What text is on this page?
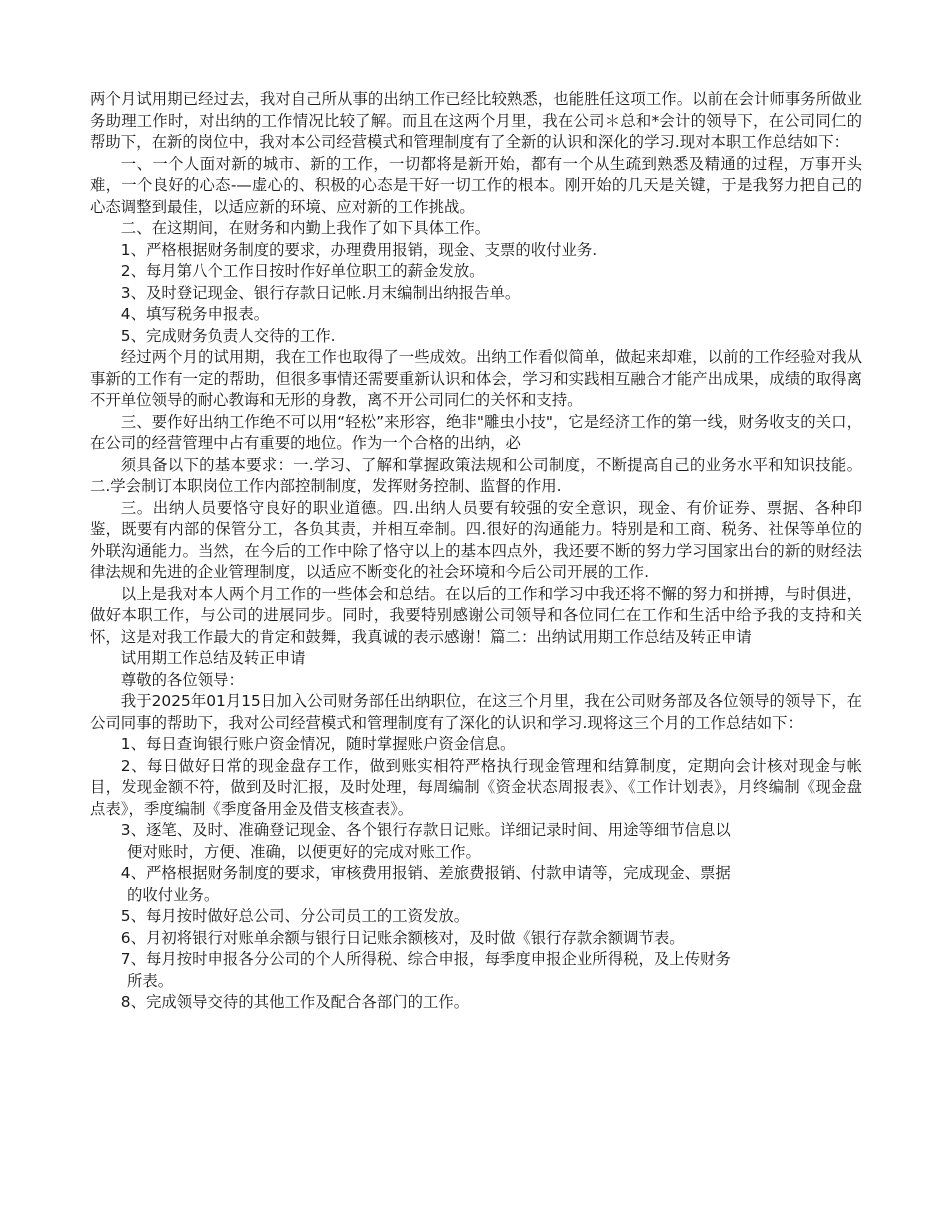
两个月试用期已经过去，我对自己所从事的出纳工作已经比较熟悉，也能胜任这项工作。以前在会计师事务所做业务助理工作时，对出纳的工作情况比较了解。而且在这两个月里，我在公司＊总和*会计的领导下，在公司同仁的帮助下，在新的岗位中，我对本公司经营模式和管理制度有了全新的认识和深化的学习.现对本职工作总结如下：

一、一个人面对新的城市、新的工作，一切都将是新开始，都有一个从生疏到熟悉及精通的过程，万事开头难，一个良好的心态-—虚心的、积极的心态是干好一切工作的根本。刚开始的几天是关键，于是我努力把自己的心态调整到最佳，以适应新的环境、应对新的工作挑战。

二、在这期间，在财务和内勤上我作了如下具体工作。

1、严格根据财务制度的要求，办理费用报销，现金、支票的收付业务.

2、每月第八个工作日按时作好单位职工的薪金发放。

3、及时登记现金、银行存款日记帐.月末编制出纳报告单。

4、填写税务申报表。

5、完成财务负责人交待的工作.

经过两个月的试用期，我在工作也取得了一些成效。出纳工作看似简单，做起来却难，以前的工作经验对我从事新的工作有一定的帮助，但很多事情还需要重新认识和体会，学习和实践相互融合才能产出成果，成绩的取得离不开单位领导的耐心教诲和无形的身教，离不开公司同仁的关怀和支持。

三、要作好出纳工作绝不可以用“轻松”来形容，绝非"雕虫小技"，它是经济工作的第一线，财务收支的关口，在公司的经营管理中占有重要的地位。作为一个合格的出纳，必

须具备以下的基本要求：一.学习、了解和掌握政策法规和公司制度，不断提高自己的业务水平和知识技能。二.学会制订本职岗位工作内部控制制度，发挥财务控制、监督的作用.

三。出纳人员要恪守良好的职业道德。四.出纳人员要有较强的安全意识，现金、有价证券、票据、各种印鉴，既要有内部的保管分工，各负其责，并相互牵制。四.很好的沟通能力。特别是和工商、税务、社保等单位的外联沟通能力。当然，在今后的工作中除了恪守以上的基本四点外，我还要不断的努力学习国家出台的新的财经法律法规和先进的企业管理制度，以适应不断变化的社会环境和今后公司开展的工作.

以上是我对本人两个月工作的一些体会和总结。在以后的工作和学习中我还将不懈的努力和拼搏，与时俱进，做好本职工作，与公司的进展同步。同时，我要特别感谢公司领导和各位同仁在工作和生活中给予我的支持和关怀，这是对我工作最大的肯定和鼓舞，我真诚的表示感谢！篇二：出纳试用期工作总结及转正申请

试用期工作总结及转正申请

尊敬的各位领导：

我于2025年01月15日加入公司财务部任出纳职位，在这三个月里，我在公司财务部及各位领导的领导下，在公司同事的帮助下，我对公司经营模式和管理制度有了深化的认识和学习.现将这三个月的工作总结如下：

1、每日查询银行账户资金情况，随时掌握账户资金信息。

2、每日做好日常的现金盘存工作，做到账实相符严格执行现金管理和结算制度，定期向会计核对现金与帐目，发现金额不符，做到及时汇报，及时处理，每周编制《资金状态周报表》、《工作计划表》，月终编制《现金盘点表》，季度编制《季度备用金及借支核查表》。

3、逐笔、及时、准确登记现金、各个银行存款日记账。详细记录时间、用途等细节信息以

便对账时，方便、准确，以便更好的完成对账工作。

4、严格根据财务制度的要求，审核费用报销、差旅费报销、付款申请等，完成现金、票据

的收付业务。

5、每月按时做好总公司、分公司员工的工资发放。

6、月初将银行对账单余额与银行日记账余额核对，及时做《银行存款余额调节表。

7、每月按时申报各分公司的个人所得税、综合申报，每季度申报企业所得税，及上传财务

所表。

8、完成领导交待的其他工作及配合各部门的工作。
